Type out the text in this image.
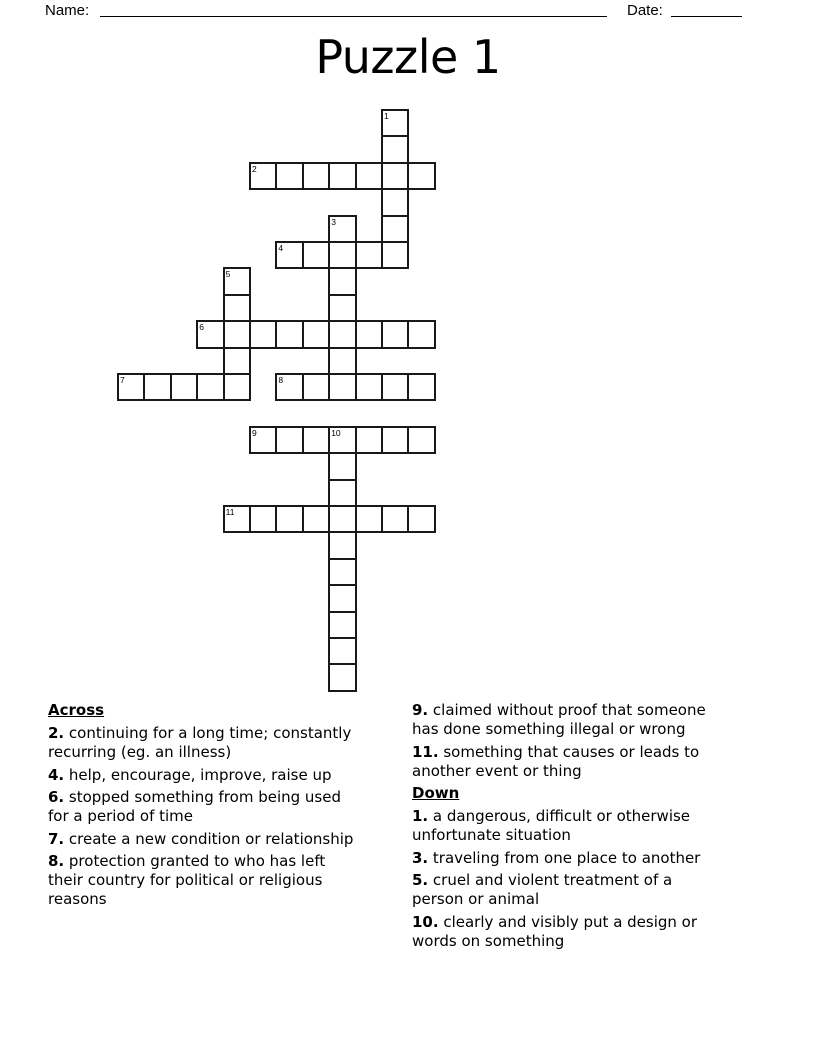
Name:	Date:
Puzzle 1
1
2
3
4
5
6
7	8
9	10
11
Across

2. continuing for a long time; constantly recurring (eg. an illness)

4. help, encourage, improve, raise up

6. stopped something from being used for a period of time

7. create a new condition or relationship

8. protection granted to who has left their country for political or religious reasons

9. claimed without proof that someone has done something illegal or wrong

11. something that causes or leads to another event or thing

Down

1. a dangerous, difficult or otherwise unfortunate situation

3. traveling from one place to another

5. cruel and violent treatment of a person or animal

10. clearly and visibly put a design or words on something
